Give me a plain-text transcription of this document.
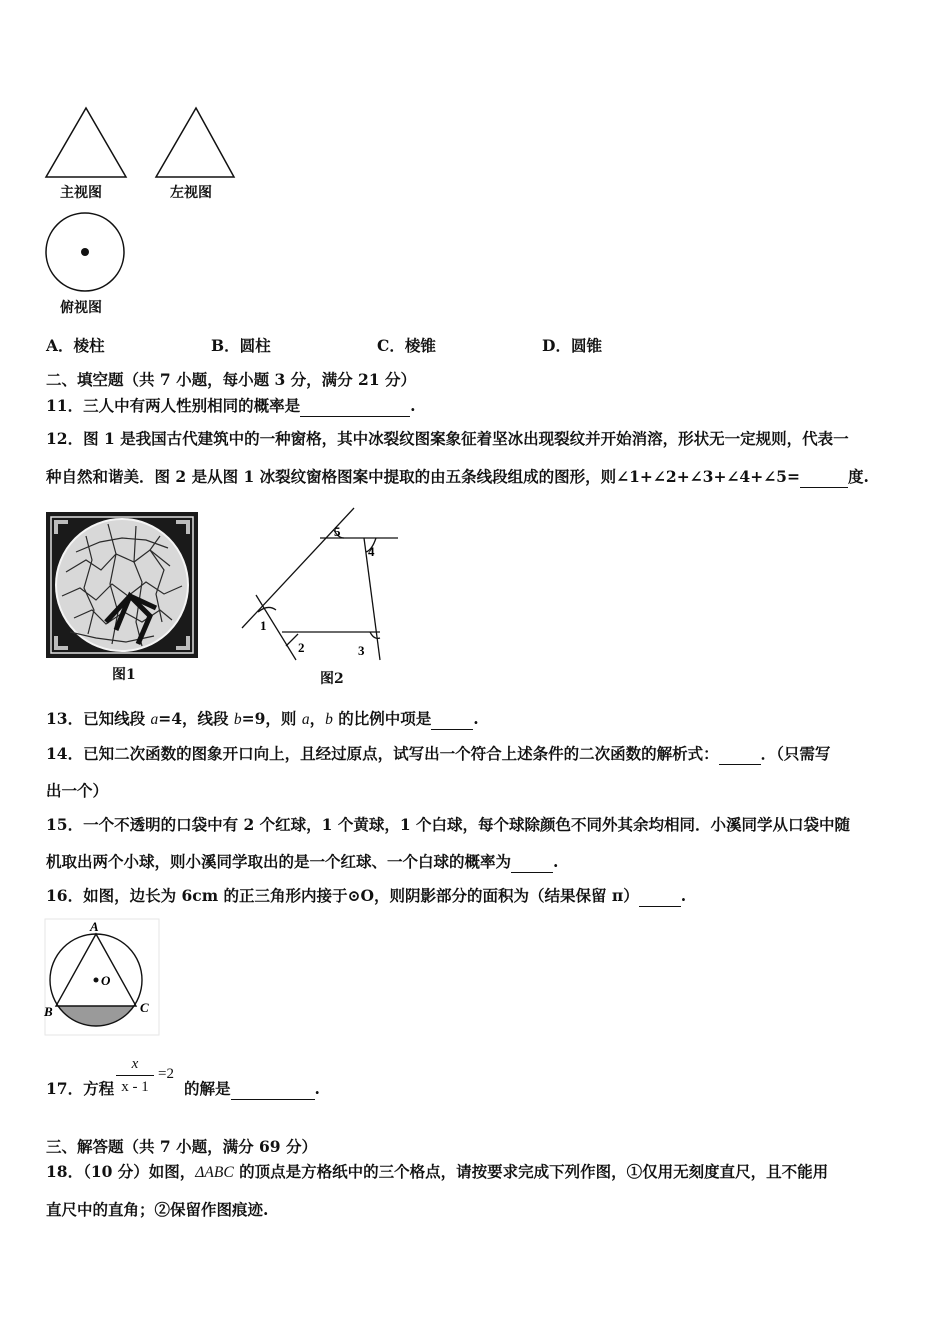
主视图	左视图
俯视图
A．棱柱	B．圆柱	C．棱锥	D．圆锥
二、填空题（共 7 小题，每小题 3 分，满分 21 分）
11．三人中有两人性别相同的概率是	.
12．图 1 是我国古代建筑中的一种窗格，其中冰裂纹图案象征着坚冰出现裂纹并开始消溶，形状无一定规则，代表一
种自然和谐美．图 2 是从图 1 冰裂纹窗格图案中提取的由五条线段组成的图形，则∠1+∠2+∠3+∠4+∠5=	度.
图1
1
2	3
4
5
图2
13．已知线段 a=4，线段 b=9，则 a，b 的比例中项是	.
14．已知二次函数的图象开口向上，且经过原点，试写出一个符合上述条件的二次函数的解析式：	．（只需写
出一个）
15．一个不透明的口袋中有 2 个红球，1 个黄球，1 个白球，每个球除颜色不同外其余均相同．小溪同学从口袋中随
机取出两个小球，则小溪同学取出的是一个红球、一个白球的概率为	.
16．如图，边长为 6cm 的正三角形内接于⊙O，则阴影部分的面积为（结果保留 π）	.
A
B	C
O
17．方程
x
x - 1
=2
的解是	.
三、解答题（共 7 小题，满分 69 分）
18．（10 分）如图，ΔABC 的顶点是方格纸中的三个格点，请按要求完成下列作图，①仅用无刻度直尺，且不能用
直尺中的直角；②保留作图痕迹.
